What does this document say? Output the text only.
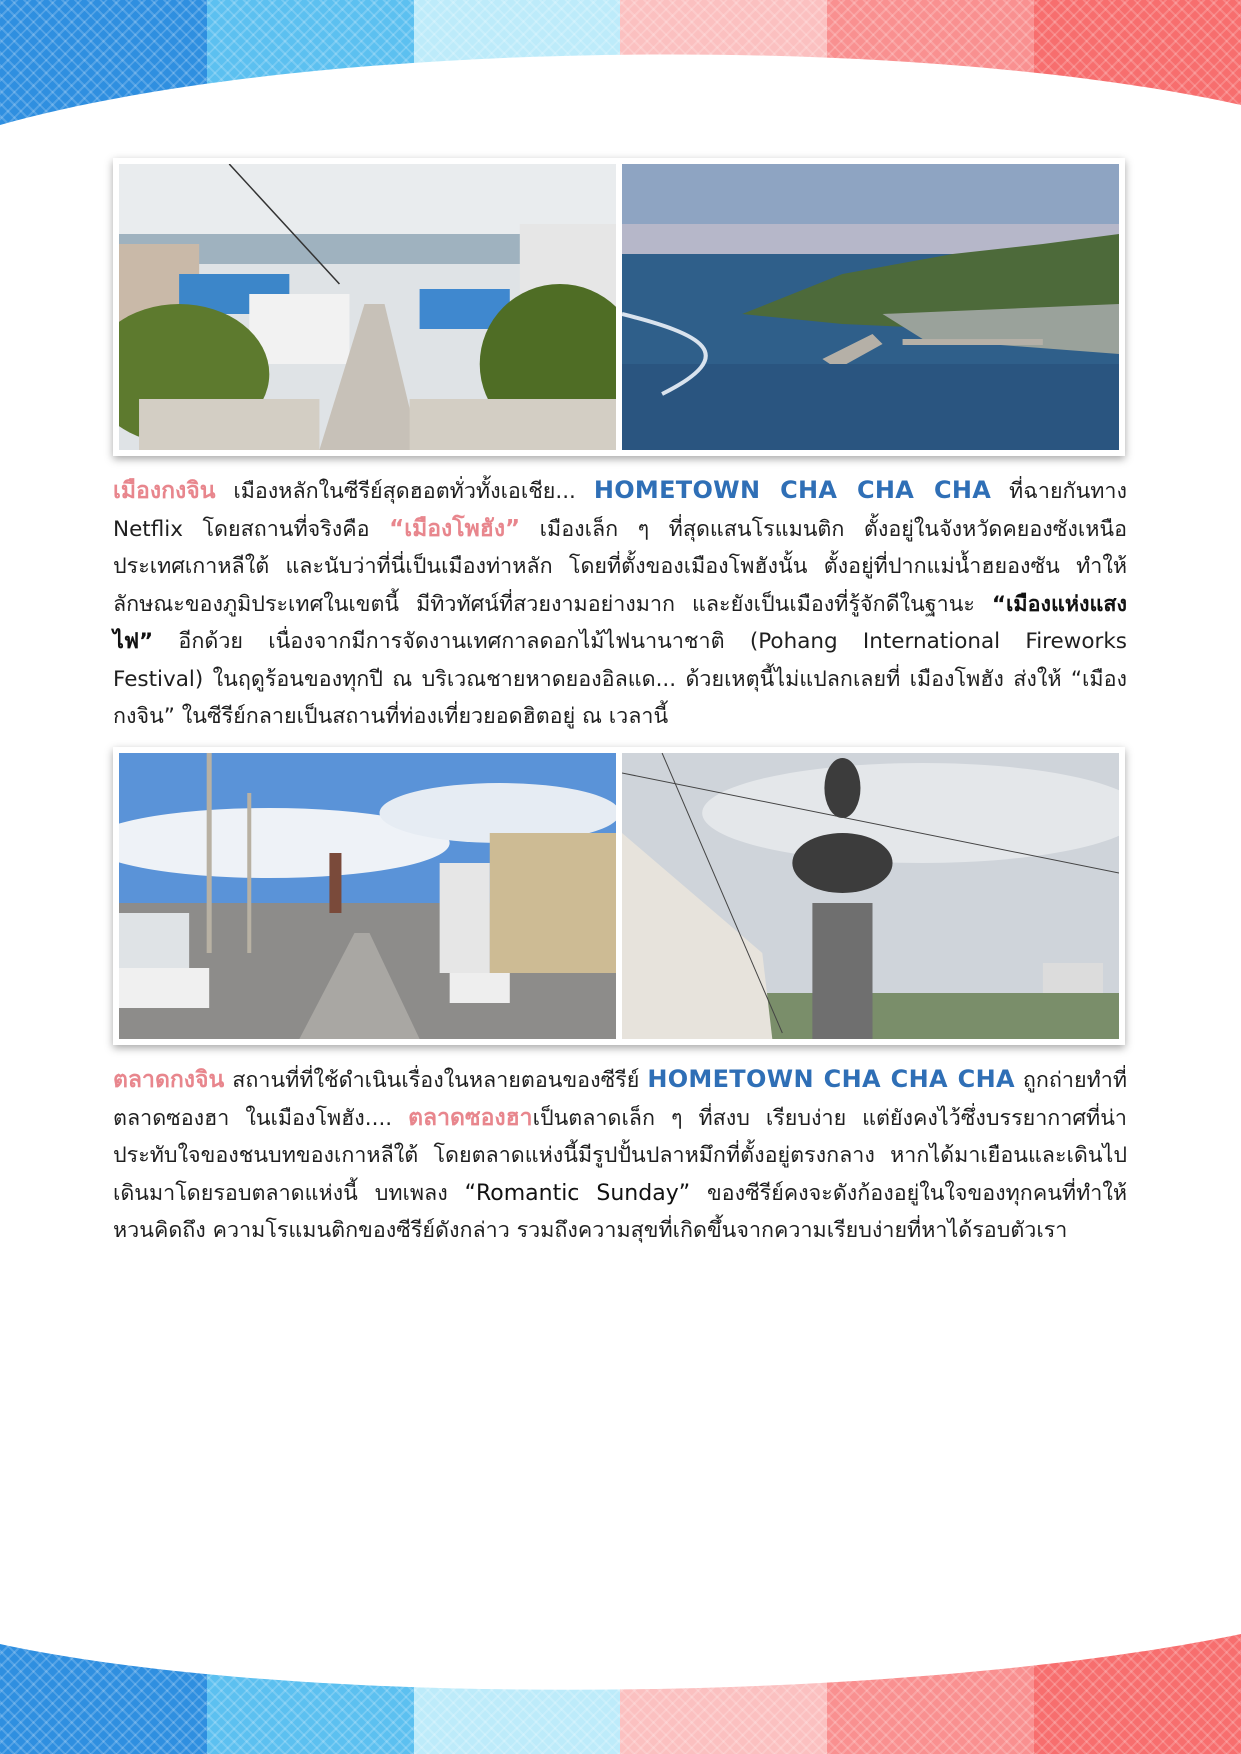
เมืองกงจิน เมืองหลักในซีรีย์สุดฮอตทั่วทั้งเอเชีย... HOMETOWN CHA CHA CHA ที่ฉายกันทาง Netflix โดยสถานที่จริงคือ “เมืองโพฮัง” เมืองเล็ก ๆ ที่สุดแสนโรแมนติก ตั้งอยู่ในจังหวัดคยองซังเหนือ ประเทศเกาหลีใต้ และนับว่าที่นี่เป็นเมืองท่าหลัก โดยที่ตั้งของเมืองโพฮังนั้น ตั้งอยู่ที่ปากแม่น้ำฮยองซัน ทำให้ลักษณะของภูมิประเทศในเขตนี้ มีทิวทัศน์ที่สวยงามอย่างมาก และยังเป็นเมืองที่รู้จักดีในฐานะ “เมืองแห่งแสงไฟ” อีกด้วย เนื่องจากมีการจัดงานเทศกาลดอกไม้ไฟนานาชาติ (Pohang International Fireworks Festival) ในฤดูร้อนของทุกปี ณ บริเวณชายหาดยองอิลแด... ด้วยเหตุนี้ไม่แปลกเลยที่ เมืองโพฮัง ส่งให้ “เมืองกงจิน” ในซีรีย์กลายเป็นสถานที่ท่องเที่ยวยอดฮิตอยู่ ณ เวลานี้

ตลาดกงจิน สถานที่ที่ใช้ดำเนินเรื่องในหลายตอนของซีรีย์ HOMETOWN CHA CHA CHA ถูกถ่ายทำที่ตลาดซองฮา ในเมืองโพฮัง.... ตลาดซองฮาเป็นตลาดเล็ก ๆ ที่สงบ เรียบง่าย แต่ยังคงไว้ซึ่งบรรยากาศที่น่าประทับใจของชนบทของเกาหลีใต้ โดยตลาดแห่งนี้มีรูปปั้นปลาหมึกที่ตั้งอยู่ตรงกลาง หากได้มาเยือนและเดินไปเดินมาโดยรอบตลาดแห่งนี้ บทเพลง “Romantic Sunday” ของซีรีย์คงจะดังก้องอยู่ในใจของทุกคนที่ทำให้หวนคิดถึง ความโรแมนติกของซีรีย์ดังกล่าว รวมถึงความสุขที่เกิดขึ้นจากความเรียบง่ายที่หาได้รอบตัวเรา
